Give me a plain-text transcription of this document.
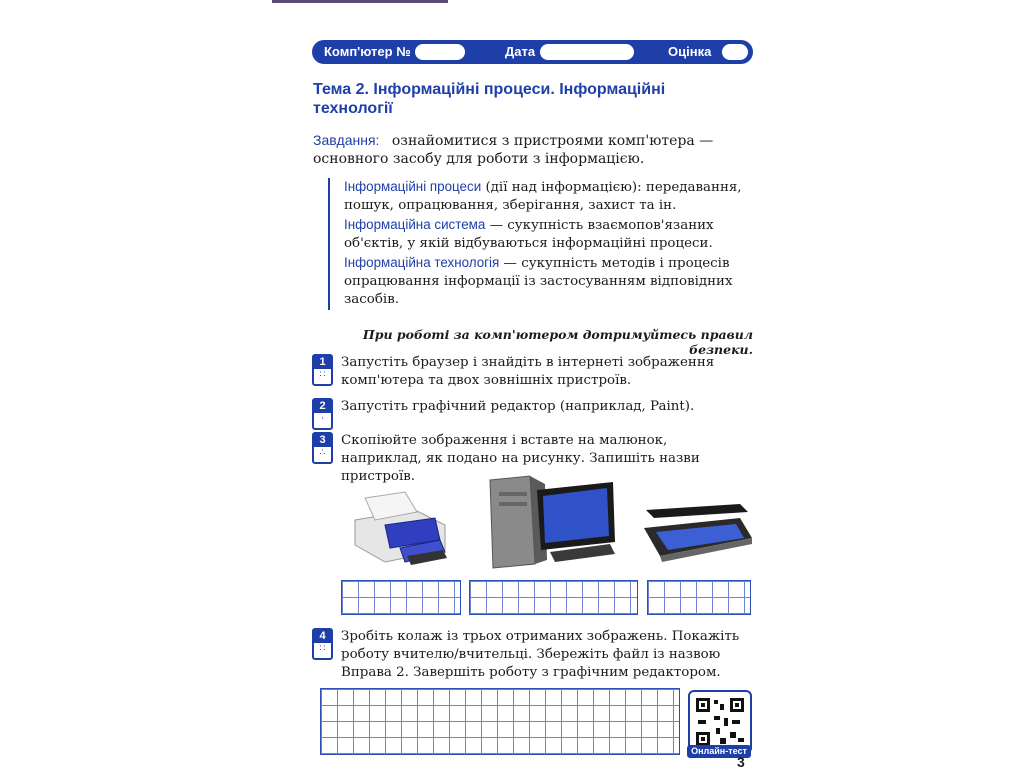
Комп'ютер №	Дата	Оцінка
Тема 2. Інформаційні процеси. Інформаційні технології
Завдання: ознайомитися з пристроями комп'ютера — основного засобу для роботи з інформацією.

Інформаційні процеси (дії над інформацією): передавання, пошук, опрацювання, зберігання, захист та ін.

Інформаційна система — сукупність взаємопов'язаних об'єктів, у якій відбуваються інформаційні процеси.

Інформаційна технологія — сукупність методів і процесів опрацювання інформації із застосуванням відповідних засобів.

При роботі за комп'ютером дотримуйтесь правил безпеки.
1
∷
Запустіть браузер і знайдіть в інтернеті зображення комп'ютера та двох зовнішніх пристроїв.
2
·
Запустіть графічний редактор (наприклад, Paint).
3
∴
Скопіюйте зображення і вставте на малюнок, наприклад, як подано на рисунку. Запишіть назви пристроїв.
4
∷
Зробіть колаж із трьох отриманих зображень. Покажіть роботу вчителю/вчительці. Збережіть файл із назвою Вправа 2. Завершіть роботу з графічним редактором.
Онлайн-тест
3
